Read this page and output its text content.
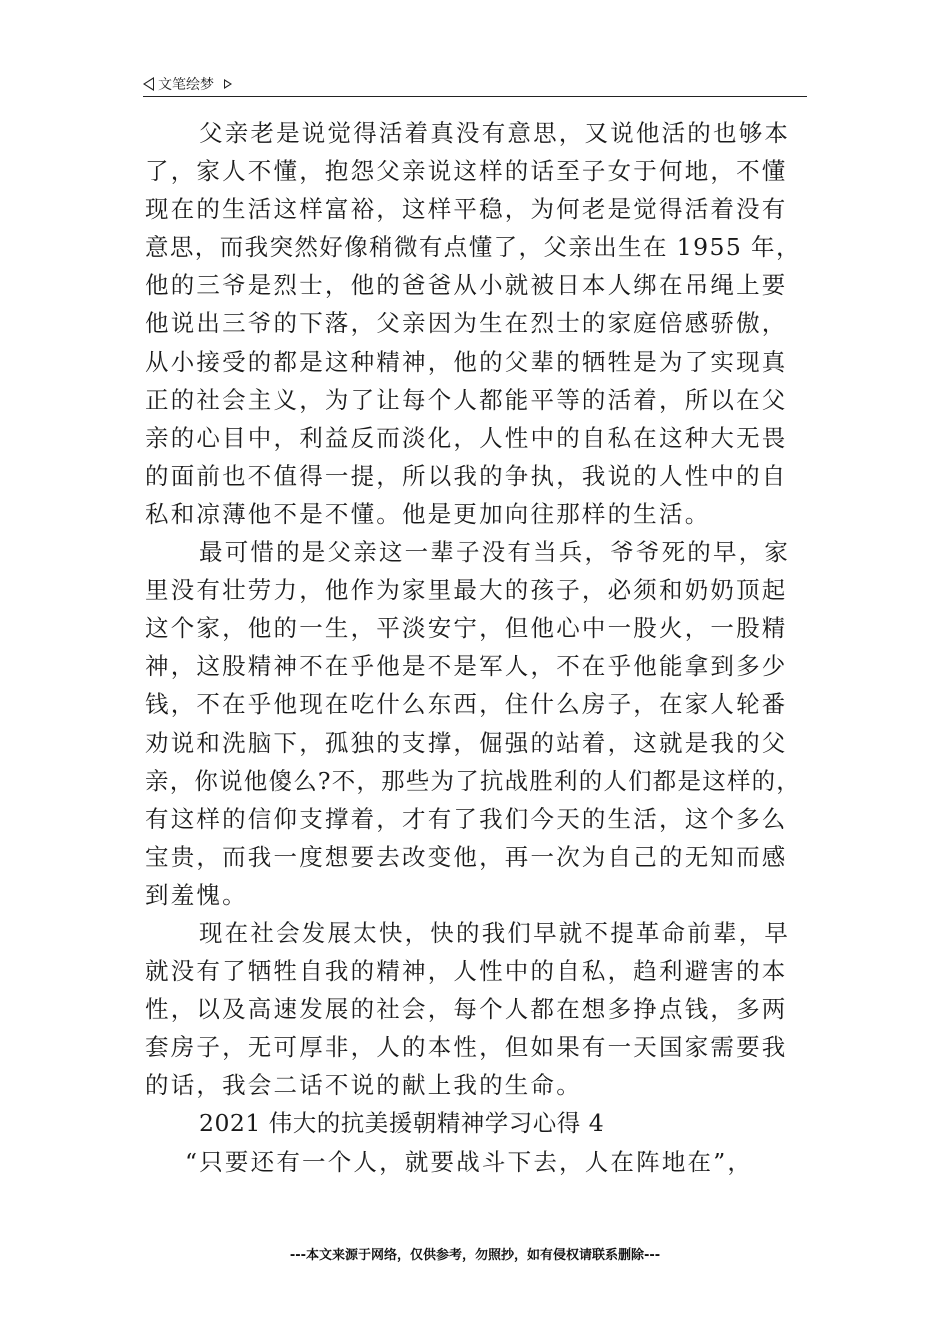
文笔绘梦
父亲老是说觉得活着真没有意思，又说他活的也够本
了，家人不懂，抱怨父亲说这样的话至子女于何地，不懂
现在的生活这样富裕，这样平稳，为何老是觉得活着没有
意思，而我突然好像稍微有点懂了，父亲出生在 1955 年，
他的三爷是烈士，他的爸爸从小就被日本人绑在吊绳上要
他说出三爷的下落，父亲因为生在烈士的家庭倍感骄傲，
从小接受的都是这种精神，他的父辈的牺牲是为了实现真
正的社会主义，为了让每个人都能平等的活着，所以在父
亲的心目中，利益反而淡化，人性中的自私在这种大无畏
的面前也不值得一提，所以我的争执，我说的人性中的自
私和凉薄他不是不懂。他是更加向往那样的生活。
最可惜的是父亲这一辈子没有当兵，爷爷死的早，家
里没有壮劳力，他作为家里最大的孩子，必须和奶奶顶起
这个家，他的一生，平淡安宁，但他心中一股火，一股精
神，这股精神不在乎他是不是军人，不在乎他能拿到多少
钱，不在乎他现在吃什么东西，住什么房子，在家人轮番
劝说和洗脑下，孤独的支撑，倔强的站着，这就是我的父
亲，你说他傻么?不，那些为了抗战胜利的人们都是这样的，
有这样的信仰支撑着，才有了我们今天的生活，这个多么
宝贵，而我一度想要去改变他，再一次为自己的无知而感
到羞愧。
现在社会发展太快，快的我们早就不提革命前辈，早
就没有了牺牲自我的精神，人性中的自私，趋利避害的本
性，以及高速发展的社会，每个人都在想多挣点钱，多两
套房子，无可厚非，人的本性，但如果有一天国家需要我
的话，我会二话不说的献上我的生命。
2021 伟大的抗美援朝精神学习心得 4
“只要还有一个人，就要战斗下去，人在阵地在”，
---本文来源于网络，仅供参考，勿照抄，如有侵权请联系删除---
